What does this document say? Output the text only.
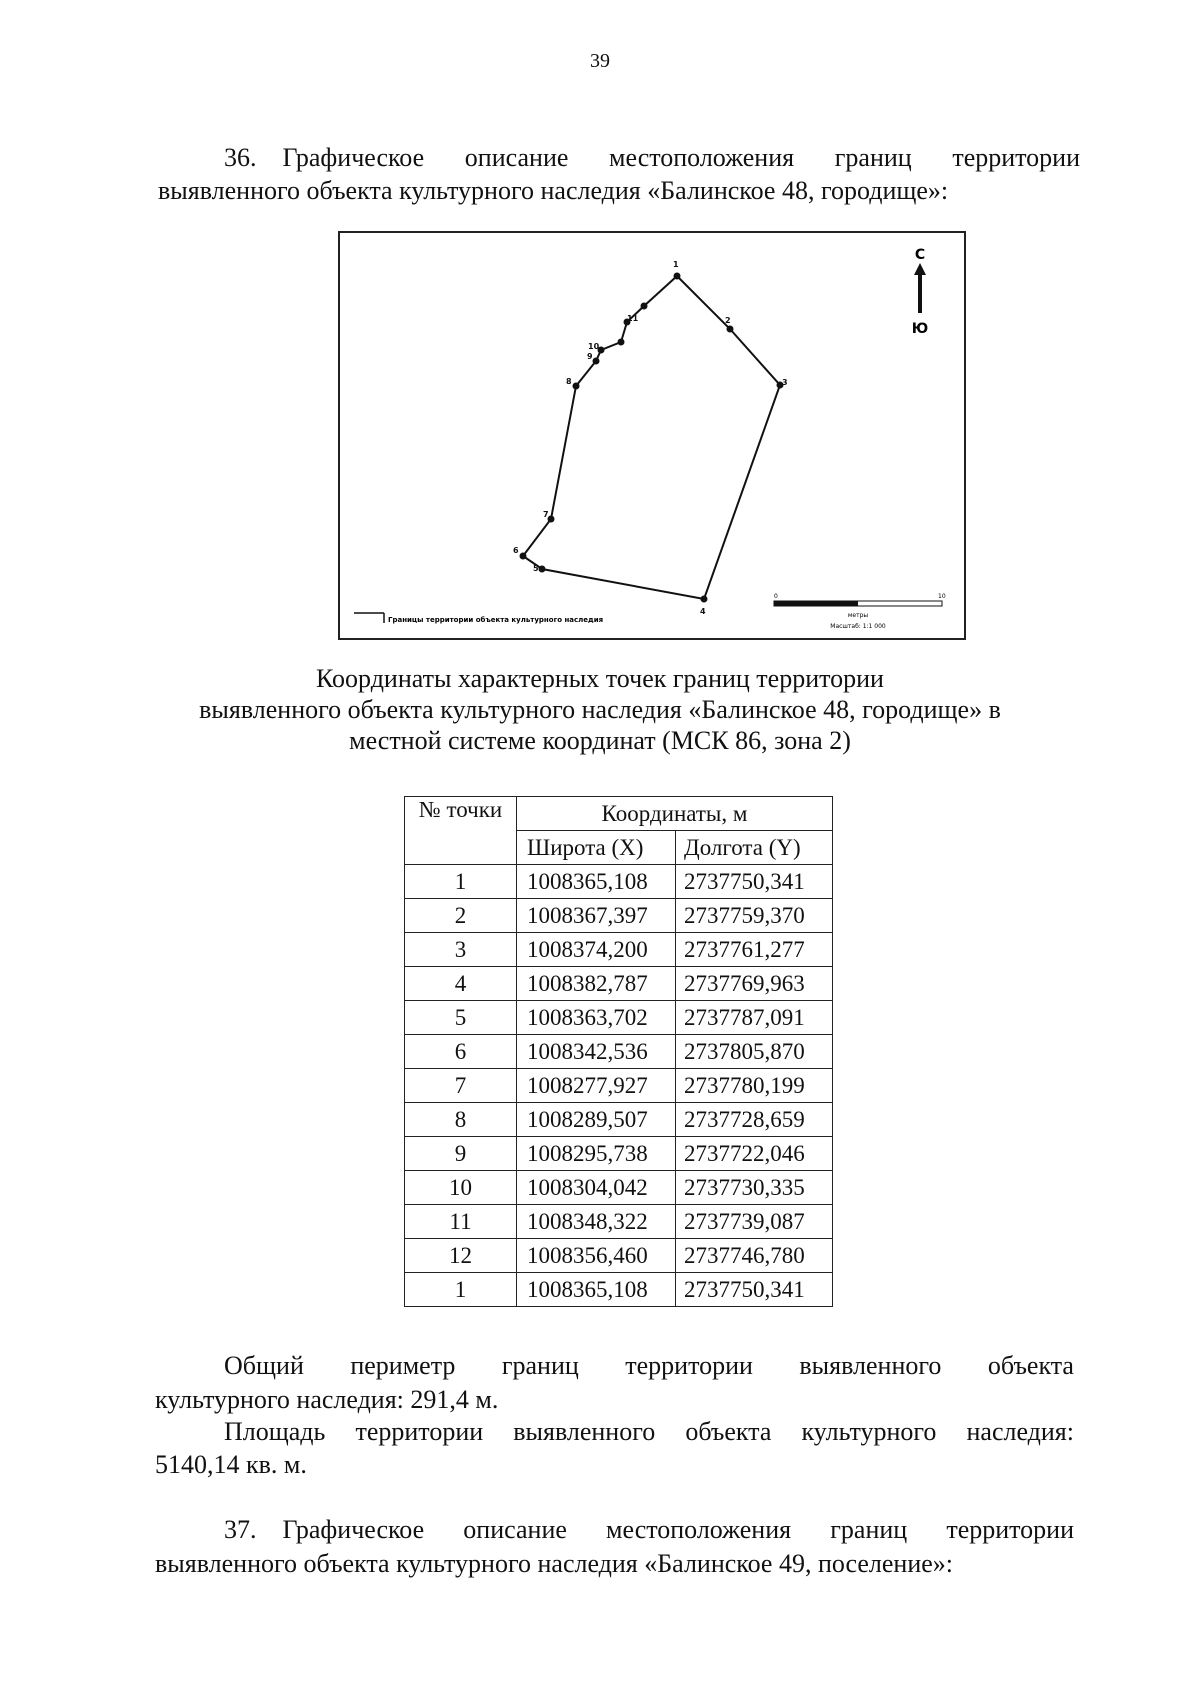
39
36. Графическое описание местоположения границ территории
выявленного объекта культурного наследия «Балинское 48, городище»:
1
2
3
4
5
6
7
8
9
10
11
С
Ю
Границы территории объекта культурного наследия
0	10
метры
Масштаб: 1:1 000
Координаты характерных точек границ территории
выявленного объекта культурного наследия «Балинское 48, городище» в
местной системе координат (МСК 86, зона 2)
№ точки	Координаты, м	
	Широта (X)	Долгота (Y)
1	1008365,108	2737750,341
2	1008367,397	2737759,370
3	1008374,200	2737761,277
4	1008382,787	2737769,963
5	1008363,702	2737787,091
6	1008342,536	2737805,870
7	1008277,927	2737780,199
8	1008289,507	2737728,659
9	1008295,738	2737722,046
10	1008304,042	2737730,335
11	1008348,322	2737739,087
12	1008356,460	2737746,780
1	1008365,108	2737750,341
Общий периметр границ территории выявленного объекта
культурного наследия: 291,4 м.
Площадь территории выявленного объекта культурного наследия:
5140,14 кв. м.
37. Графическое описание местоположения границ территории
выявленного объекта культурного наследия «Балинское 49, поселение»:
